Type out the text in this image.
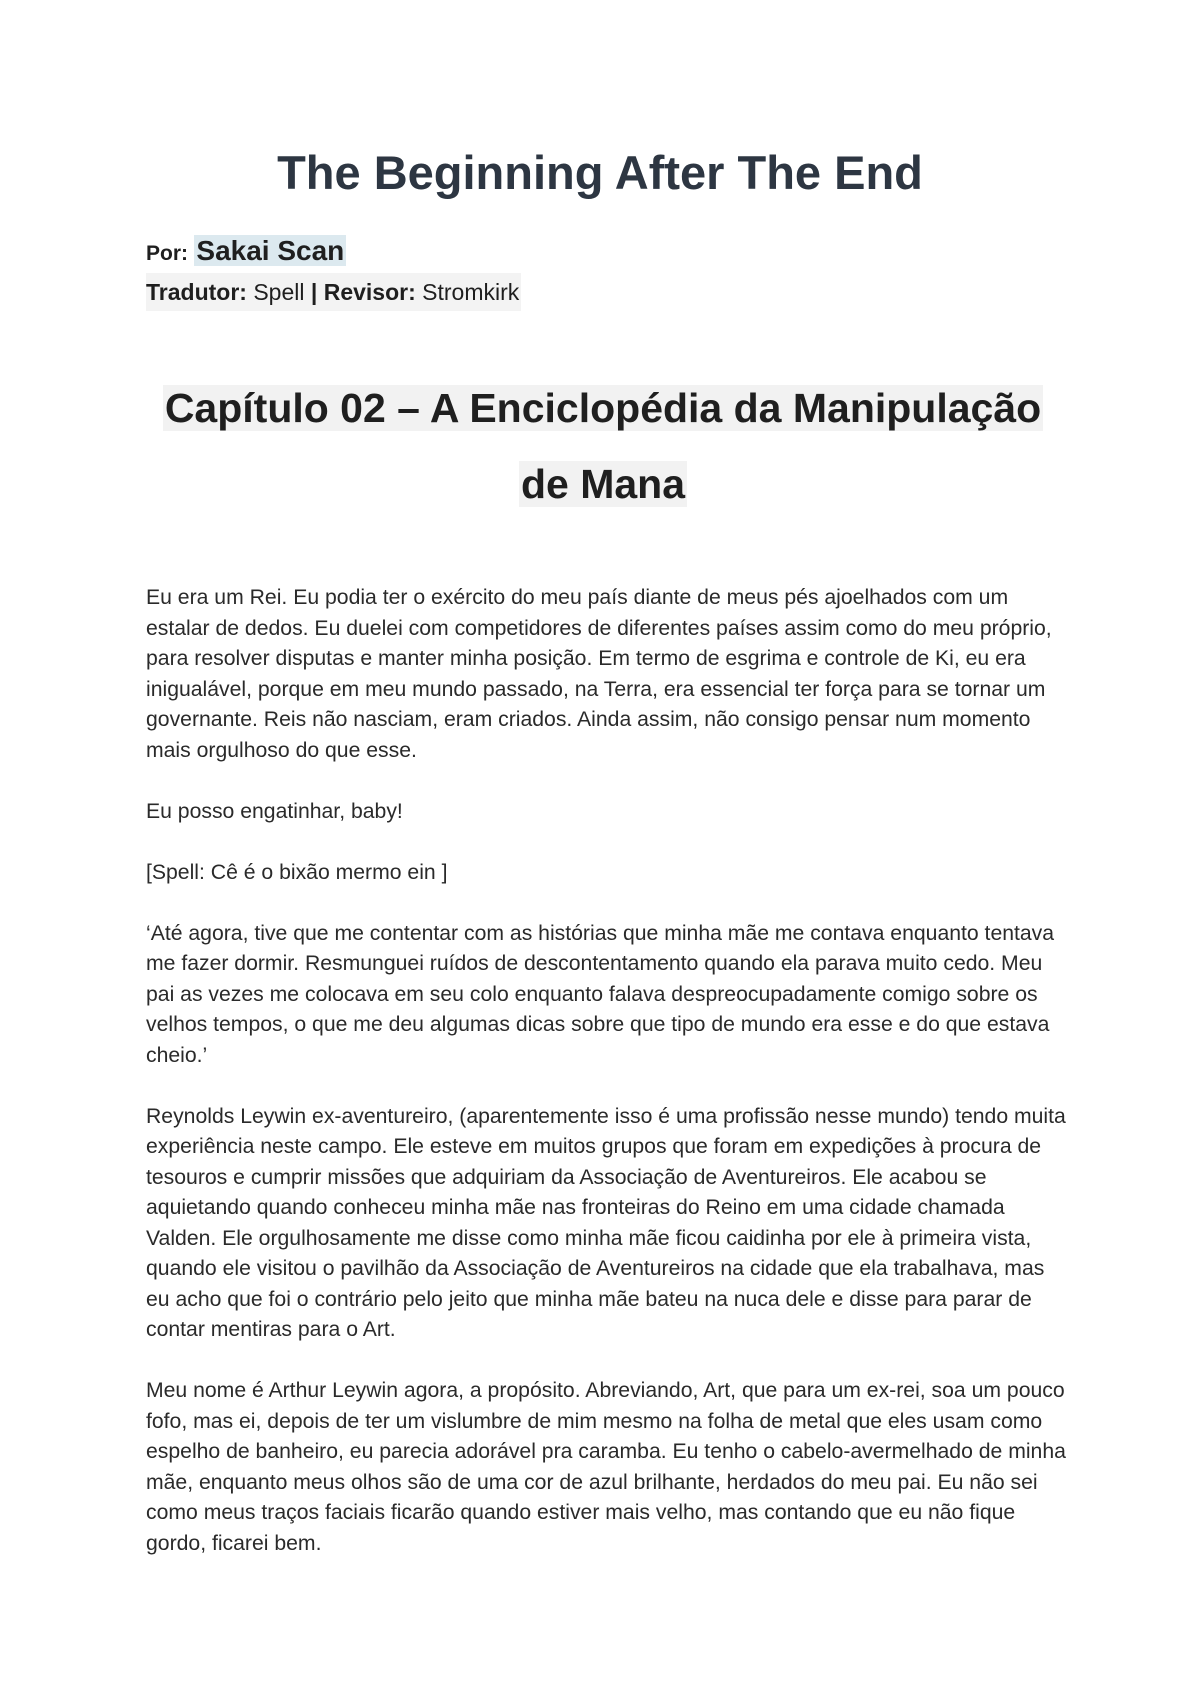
The Beginning After The End
Por: Sakai Scan
Tradutor: Spell | Revisor: Stromkirk
Capítulo 02 – A Enciclopédia da Manipulação
de Mana

Eu era um Rei. Eu podia ter o exército do meu país diante de meus pés ajoelhados com um estalar de dedos. Eu duelei com competidores de diferentes países assim como do meu próprio, para resolver disputas e manter minha posição. Em termo de esgrima e controle de Ki, eu era inigualável, porque em meu mundo passado, na Terra, era essencial ter força para se tornar um governante. Reis não nasciam, eram criados. Ainda assim, não consigo pensar num momento mais orgulhoso do que esse.

Eu posso engatinhar, baby!

[Spell: Cê é o bixão mermo ein ]

‘Até agora, tive que me contentar com as histórias que minha mãe me contava enquanto tentava me fazer dormir. Resmunguei ruídos de descontentamento quando ela parava muito cedo. Meu pai as vezes me colocava em seu colo enquanto falava despreocupadamente comigo sobre os velhos tempos, o que me deu algumas dicas sobre que tipo de mundo era esse e do que estava cheio.’

Reynolds Leywin ex-aventureiro, (aparentemente isso é uma profissão nesse mundo) tendo muita experiência neste campo. Ele esteve em muitos grupos que foram em expedições à procura de tesouros e cumprir missões que adquiriam da Associação de Aventureiros. Ele acabou se aquietando quando conheceu minha mãe nas fronteiras do Reino em uma cidade chamada Valden. Ele orgulhosamente me disse como minha mãe ficou caidinha por ele à primeira vista, quando ele visitou o pavilhão da Associação de Aventureiros na cidade que ela trabalhava, mas eu acho que foi o contrário pelo jeito que minha mãe bateu na nuca dele e disse para parar de contar mentiras para o Art.

Meu nome é Arthur Leywin agora, a propósito. Abreviando, Art, que para um ex-rei, soa um pouco fofo, mas ei, depois de ter um vislumbre de mim mesmo na folha de metal que eles usam como espelho de banheiro, eu parecia adorável pra caramba. Eu tenho o cabelo-avermelhado de minha mãe, enquanto meus olhos são de uma cor de azul brilhante, herdados do meu pai. Eu não sei como meus traços faciais ficarão quando estiver mais velho, mas contando que eu não fique gordo, ficarei bem.
